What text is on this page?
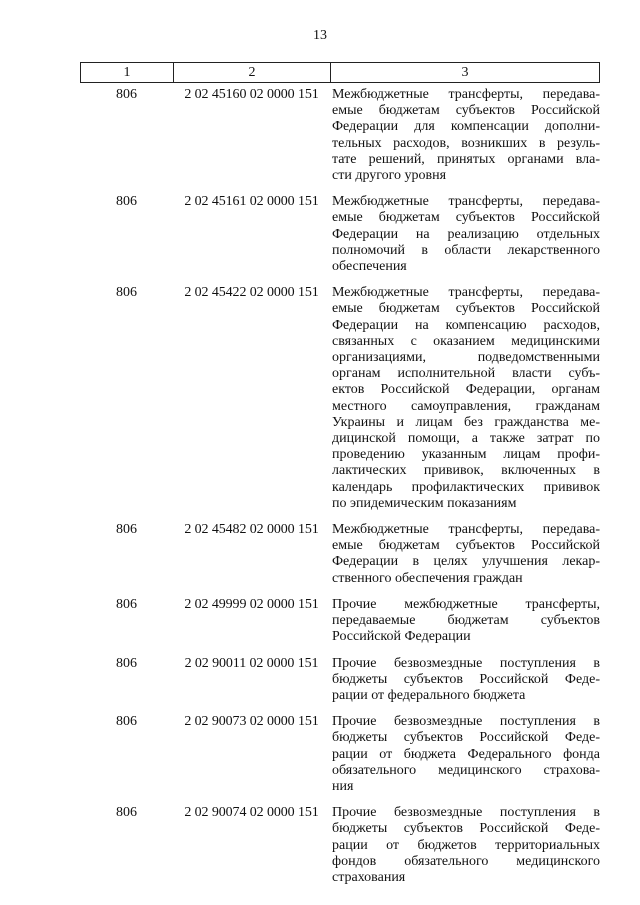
13
1	2	3
806	2 02 45160 02 0000 151 Межбюджетные трансферты, передава-
емые бюджетам субъектов Российской
Федерации для компенсации дополни-
тельных расходов, возникших в резуль-
тате решений, принятых органами вла-
сти другого уровня
806	2 02 45161 02 0000 151 Межбюджетные трансферты, передава-
емые бюджетам субъектов Российской
Федерации на реализацию отдельных
полномочий в области лекарственного
обеспечения
806	2 02 45422 02 0000 151 Межбюджетные трансферты, передава-
емые бюджетам субъектов Российской
Федерации на компенсацию расходов,
связанных с оказанием медицинскими
организациями, подведомственными
органам исполнительной власти субъ-
ектов Российской Федерации, органам
местного самоуправления, гражданам
Украины и лицам без гражданства ме-
дицинской помощи, а также затрат по
проведению указанным лицам профи-
лактических прививок, включенных в
календарь профилактических прививок
по эпидемическим показаниям
806	2 02 45482 02 0000 151 Межбюджетные трансферты, передава-
емые бюджетам субъектов Российской
Федерации в целях улучшения лекар-
ственного обеспечения граждан
806	2 02 49999 02 0000 151 Прочие межбюджетные трансферты,
передаваемые бюджетам субъектов
Российской Федерации
806	2 02 90011 02 0000 151 Прочие безвозмездные поступления в
бюджеты субъектов Российской Феде-
рации от федерального бюджета
806	2 02 90073 02 0000 151 Прочие безвозмездные поступления в
бюджеты субъектов Российской Феде-
рации от бюджета Федерального фонда
обязательного медицинского страхова-
ния
806	2 02 90074 02 0000 151 Прочие безвозмездные поступления в
бюджеты субъектов Российской Феде-
рации от бюджетов территориальных
фондов обязательного медицинского
страхования
